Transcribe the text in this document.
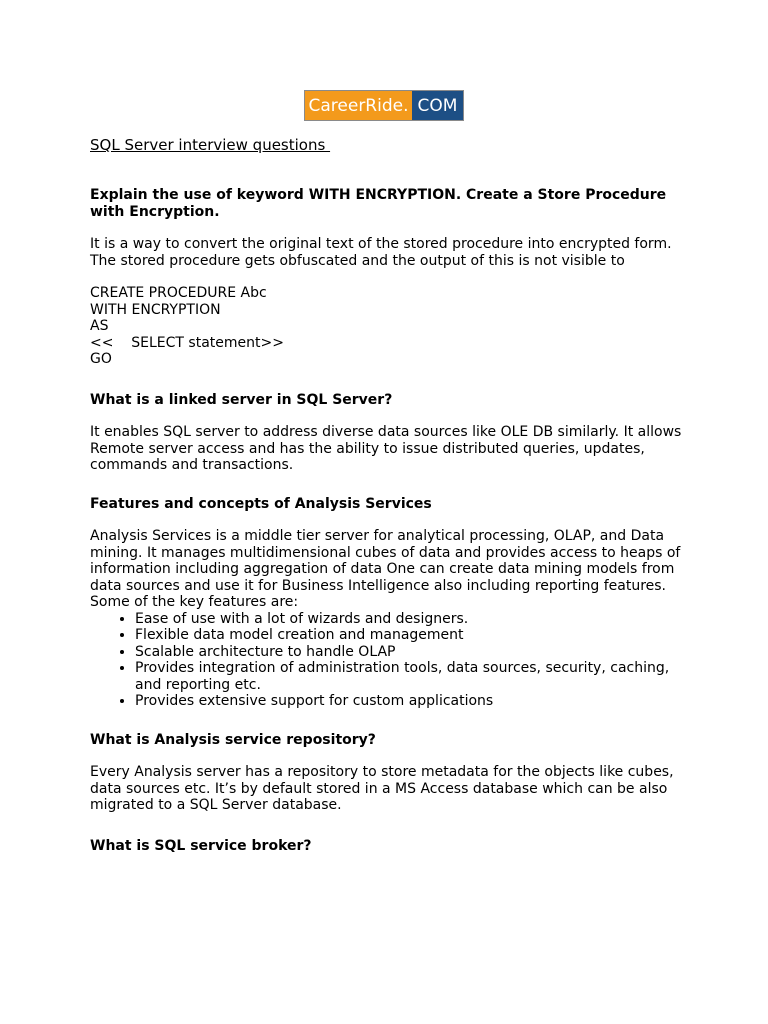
CareerRide. COM

SQL Server interview questions

Explain the use of keyword WITH ENCRYPTION. Create a Store Procedure with Encryption.

It is a way to convert the original text of the stored procedure into encrypted form. The stored procedure gets obfuscated and the output of this is not visible to

CREATE PROCEDURE Abc

WITH ENCRYPTION

AS

<<    SELECT statement>>

GO

What is a linked server in SQL Server?

It enables SQL server to address diverse data sources like OLE DB similarly. It allows Remote server access and has the ability to issue distributed queries, updates, commands and transactions.

Features and concepts of Analysis Services

Analysis Services is a middle tier server for analytical processing, OLAP, and Data mining. It manages multidimensional cubes of data and provides access to heaps of information including aggregation of data One can create data mining models from data sources and use it for Business Intelligence also including reporting features. Some of the key features are:

• Ease of use with a lot of wizards and designers.
• Flexible data model creation and management
• Scalable architecture to handle OLAP
• Provides integration of administration tools, data sources, security, caching, and reporting etc.
• Provides extensive support for custom applications

What is Analysis service repository?

Every Analysis server has a repository to store metadata for the objects like cubes, data sources etc. It’s by default stored in a MS Access database which can be also migrated to a SQL Server database.

What is SQL service broker?
